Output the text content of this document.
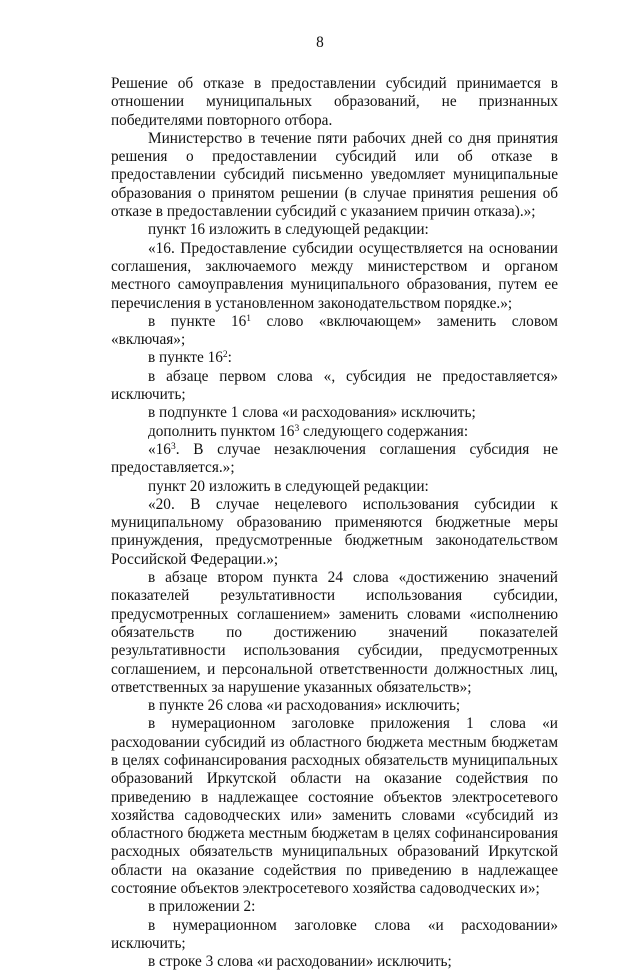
8

Решение об отказе в предоставлении субсидий принимается в отношении муниципальных образований, не признанных победителями повторного отбора.

Министерство в течение пяти рабочих дней со дня принятия решения о предоставлении субсидий или об отказе в предоставлении субсидий письменно уведомляет муниципальные образования о принятом решении (в случае принятия решения об отказе в предоставлении субсидий с указанием причин отказа).»;

пункт 16 изложить в следующей редакции:

«16. Предоставление субсидии осуществляется на основании соглашения, заключаемого между министерством и органом местного самоуправления муниципального образования, путем ее перечисления в установленном законодательством порядке.»;

в пункте $16^1$ слово «включающем» заменить словом «включая»;

в пункте $16^2$:

в абзаце первом слова «, субсидия не предоставляется» исключить;

в подпункте 1 слова «и расходования» исключить;

дополнить пунктом $16^3$ следующего содержания:

«$16^3$. В случае незаключения соглашения субсидия не

предоставляется.»;

пункт 20 изложить в следующей редакции:

«20. В случае нецелевого использования субсидии к муниципальному образованию применяются бюджетные меры принуждения, предусмотренные бюджетным законодательством Российской Федерации.»;

в абзаце втором пункта 24 слова «достижению значений показателей результативности использования субсидии, предусмотренных соглашением» заменить словами «исполнению обязательств по достижению значений показателей результативности использования субсидии, предусмотренных соглашением, и персональной ответственности должностных лиц, ответственных за нарушение указанных обязательств»;

в пункте 26 слова «и расходования» исключить;

в нумерационном заголовке приложения 1 слова «и расходовании субсидий из областного бюджета местным бюджетам в целях софинансирования расходных обязательств муниципальных образований Иркутской области на оказание содействия по приведению в надлежащее состояние объектов электросетевого хозяйства садоводческих или» заменить словами «субсидий из областного бюджета местным бюджетам в целях софинансирования расходных обязательств муниципальных образований Иркутской области на оказание содействия по приведению в надлежащее состояние объектов электросетевого хозяйства садоводческих и»;

в приложении 2:

в нумерационном заголовке слова «и расходовании» исключить;

в строке 3 слова «и расходовании» исключить;
